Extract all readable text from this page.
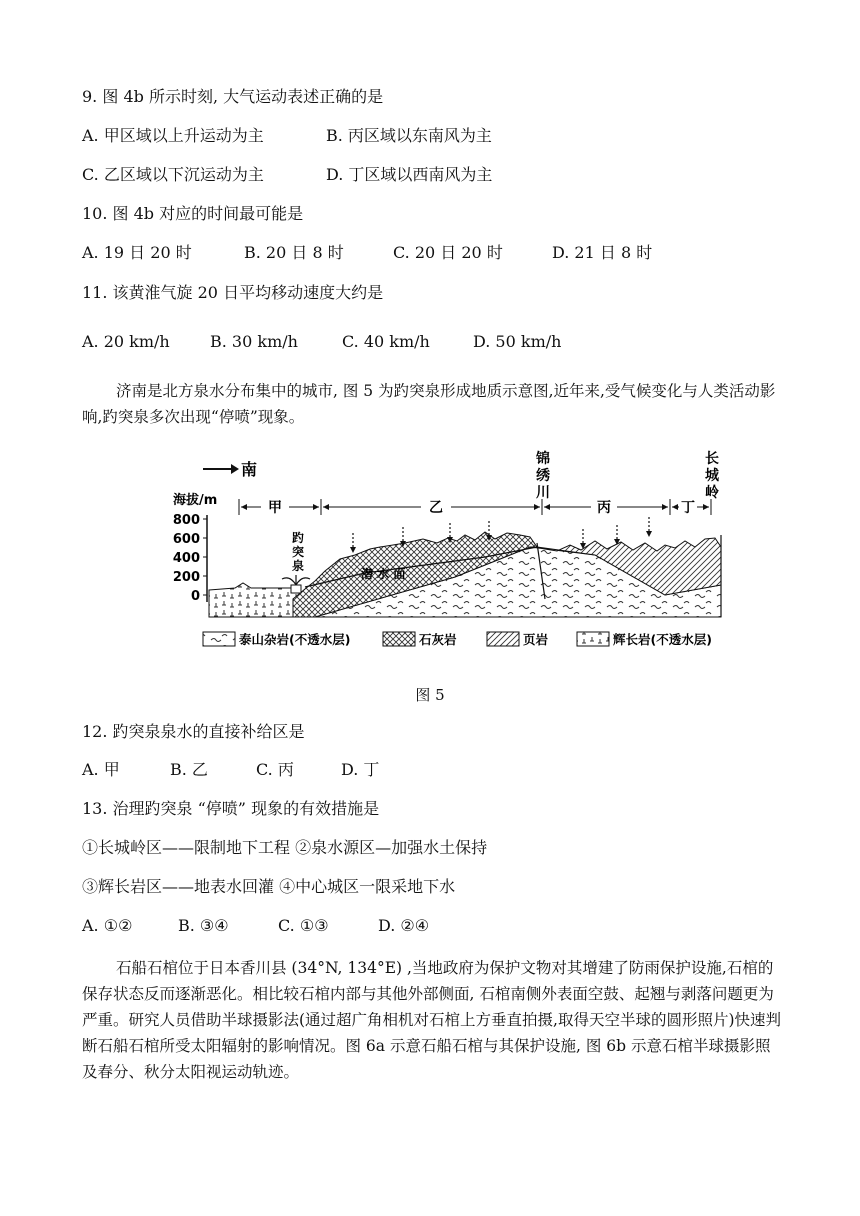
9. 图 4b 所示时刻, 大气运动表述正确的是
A. 甲区域以上升运动为主	B. 丙区域以东南风为主
C. 乙区域以下沉运动为主	D. 丁区域以西南风为主
10. 图 4b 对应的时间最可能是
A. 19 日 20 时	B. 20 日 8 时	C. 20 日 20 时	D. 21 日 8 时
11. 该黄淮气旋 20 日平均移动速度大约是
A. 20 km/h	B. 30 km/h	C. 40 km/h	D. 50 km/h
济南是北方泉水分布集中的城市, 图 5 为趵突泉形成地质示意图,近年来,受气候变化与人类活动影响,趵突泉多次出现“停喷”现象。
南
海拔/m
800
600
400
200
0
甲	乙	丙	丁
锦
绣
川
长
城
岭
潜 水 面
趵
突
泉
泰山杂岩(不透水层)	石灰岩	页岩	辉长岩(不透水层)
图 5
12. 趵突泉泉水的直接补给区是
A. 甲	B. 乙	C. 丙	D. 丁
13. 治理趵突泉 “停喷” 现象的有效措施是
①长城岭区——限制地下工程 ②泉水源区—加强水土保持
③辉长岩区——地表水回灌 ④中心城区一限采地下水
A. ①②	B. ③④	C. ①③	D. ②④
石船石棺位于日本香川县 (34°N, 134°E) ,当地政府为保护文物对其增建了防雨保护设施,石棺的保存状态反而逐渐恶化。相比较石棺内部与其他外部侧面, 石棺南侧外表面空鼓、起翘与剥落问题更为严重。研究人员借助半球摄影法(通过超广角相机对石棺上方垂直拍摄,取得天空半球的圆形照片)快速判断石船石棺所受太阳辐射的影响情况。图 6a 示意石船石棺与其保护设施, 图 6b 示意石棺半球摄影照及春分、秋分太阳视运动轨迹。
